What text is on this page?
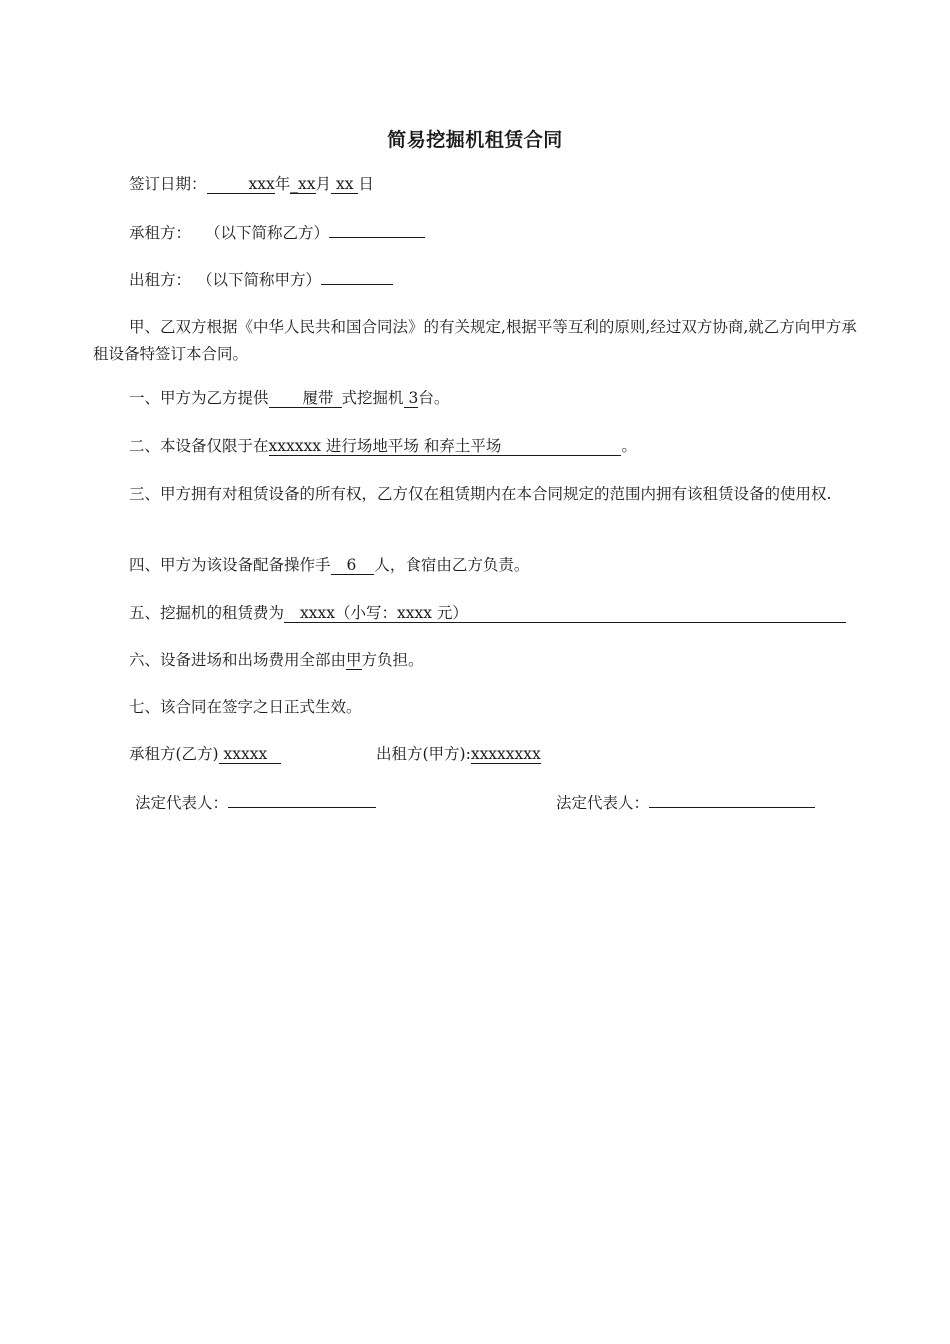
简易挖掘机租赁合同
签订日期：	xxx年_xx月 xx 日
承租方： （以下简称乙方）
出租方： （以下简称甲方）
甲、乙双方根据《中华人民共和国合同法》的有关规定,根据平等互利的原则,经过双方协商,就乙方向甲方承租设备特签订本合同。
一、甲方为乙方提供 履带 式挖掘机 3台。
二、本设备仅限于在xxxxxx 进行场地平场 和弃土平场	。
三、甲方拥有对租赁设备的所有权，乙方仅在租赁期内在本合同规定的范围内拥有该租赁设备的使用权.
四、甲方为该设备配备操作手 6 人，食宿由乙方负责。
五、挖掘机的租赁费为 xxxx（小写：xxxx 元）
六、设备进场和出场费用全部由甲方负担。
七、该合同在签字之日正式生效。
承租方(乙方) xxxxx	出租方(甲方):xxxxxxxx
法定代表人：	法定代表人：
